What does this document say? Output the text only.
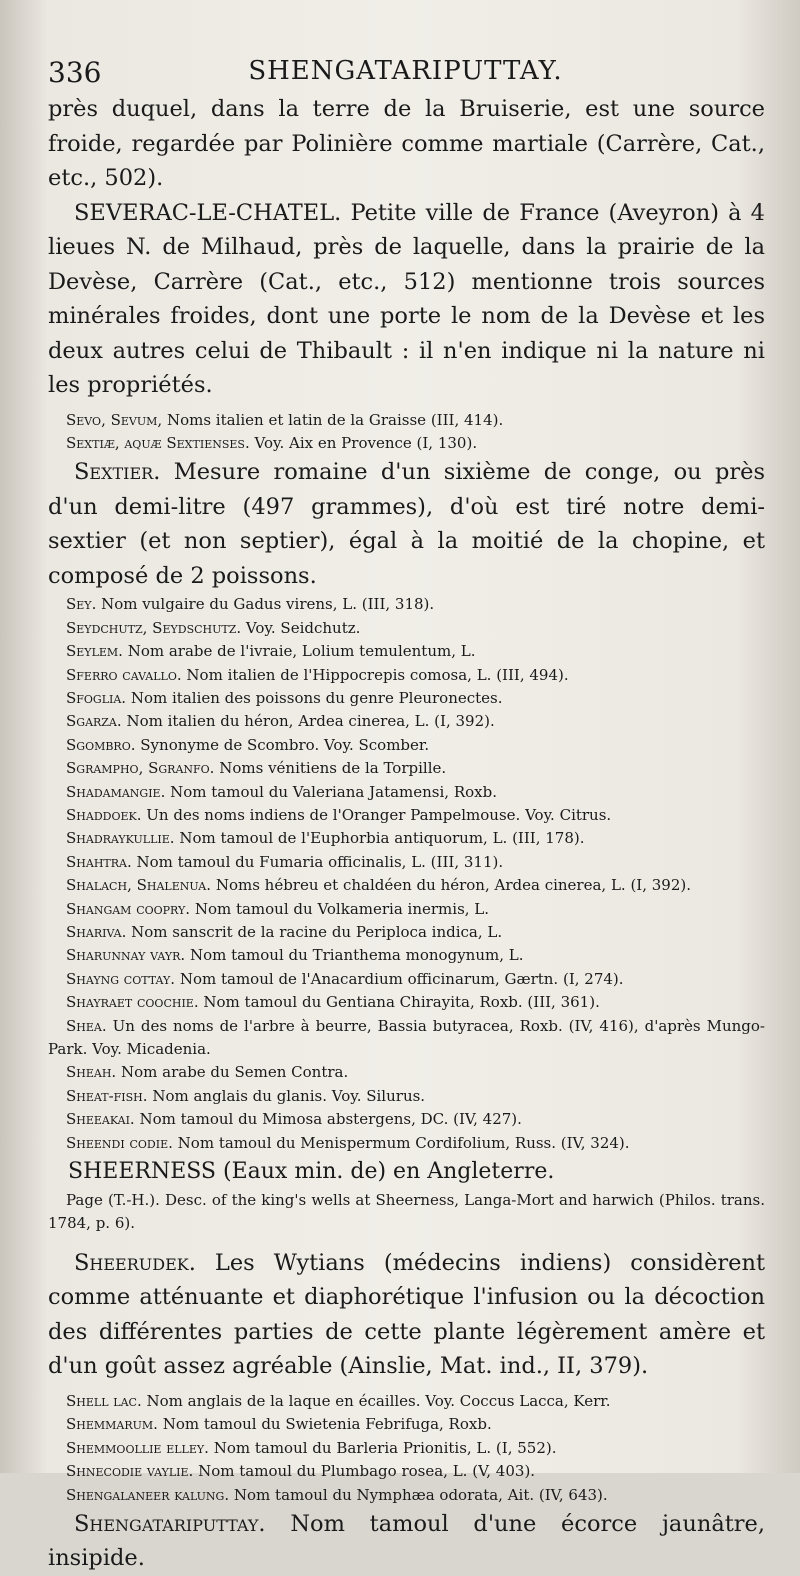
336	SHENGATARIPUTTAY.

près duquel, dans la terre de la Bruiserie, est une source froide, regardée par Polinière comme martiale (Carrère, Cat., etc., 502).

SEVERAC-LE-CHATEL. Petite ville de France (Aveyron) à 4 lieues N. de Milhaud, près de laquelle, dans la prairie de la Devèse, Carrère (Cat., etc., 512) mentionne trois sources minérales froides, dont une porte le nom de la Devèse et les deux autres celui de Thibault : il n'en indique ni la nature ni les propriétés.

Sevo, Sevum, Noms italien et latin de la Graisse (III, 414).

Sextiæ, aquæ Sextienses. Voy. Aix en Provence (I, 130).

Sextier. Mesure romaine d'un sixième de conge, ou près d'un demi-litre (497 grammes), d'où est tiré notre demi-sextier (et non septier), égal à la moitié de la chopine, et composé de 2 poissons.

Sey. Nom vulgaire du Gadus virens, L. (III, 318).

Seydchutz, Seydschutz. Voy. Seidchutz.

Seylem. Nom arabe de l'ivraie, Lolium temulentum, L.

Sferro cavallo. Nom italien de l'Hippocrepis comosa, L. (III, 494).

Sfoglia. Nom italien des poissons du genre Pleuronectes.

Sgarza. Nom italien du héron, Ardea cinerea, L. (I, 392).

Sgombro. Synonyme de Scombro. Voy. Scomber.

Sgrampho, Sgranfo. Noms vénitiens de la Torpille.

Shadamangie. Nom tamoul du Valeriana Jatamensi, Roxb.

Shaddoek. Un des noms indiens de l'Oranger Pampelmouse. Voy. Citrus.

Shadraykullie. Nom tamoul de l'Euphorbia antiquorum, L. (III, 178).

Shahtra. Nom tamoul du Fumaria officinalis, L. (III, 311).

Shalach, Shalenua. Noms hébreu et chaldéen du héron, Ardea cinerea, L. (I, 392).

Shangam coopry. Nom tamoul du Volkameria inermis, L.

Shariva. Nom sanscrit de la racine du Periploca indica, L.

Sharunnay vayr. Nom tamoul du Trianthema monogynum, L.

Shayng cottay. Nom tamoul de l'Anacardium officinarum, Gærtn. (I, 274).

Shayraet coochie. Nom tamoul du Gentiana Chirayita, Roxb. (III, 361).

Shea. Un des noms de l'arbre à beurre, Bassia butyracea, Roxb. (IV, 416), d'après Mungo-Park. Voy. Micadenia.

Sheah. Nom arabe du Semen Contra.

Sheat-fish. Nom anglais du glanis. Voy. Silurus.

Sheeakai. Nom tamoul du Mimosa abstergens, DC. (IV, 427).

Sheendi codie. Nom tamoul du Menispermum Cordifolium, Russ. (IV, 324).

SHEERNESS (Eaux min. de) en Angleterre.

Page (T.-H.). Desc. of the king's wells at Sheerness, Langa-Mort and harwich (Philos. trans. 1784, p. 6).

Sheerudek. Les Wytians (médecins indiens) considèrent comme atténuante et diaphorétique l'infusion ou la décoction des différentes parties de cette plante légèrement amère et d'un goût assez agréable (Ainslie, Mat. ind., II, 379).

Shell lac. Nom anglais de la laque en écailles. Voy. Coccus Lacca, Kerr.

Shemmarum. Nom tamoul du Swietenia Febrifuga, Roxb.

Shemmoollie elley. Nom tamoul du Barleria Prionitis, L. (I, 552).

Shnecodie vaylie. Nom tamoul du Plumbago rosea, L. (V, 403).

Shengalaneer kalung. Nom tamoul du Nymphæa odorata, Ait. (IV, 643).

Shengatariputtay. Nom tamoul d'une écorce jaunâtre, insipide.
